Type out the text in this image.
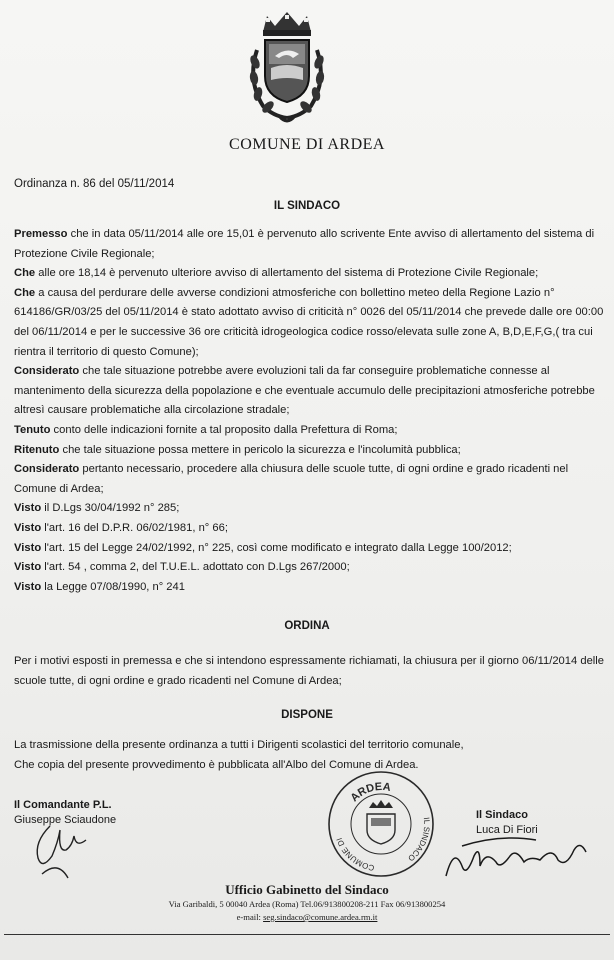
COMUNE DI ARDEA
Ordinanza n. 86 del 05/11/2014
IL SINDACO

Premesso che in data 05/11/2014 alle ore 15,01 è pervenuto allo scrivente Ente avviso di allertamento del sistema di Protezione Civile Regionale;

Che alle ore 18,14 è pervenuto ulteriore avviso di allertamento del sistema di Protezione Civile Regionale;

Che a causa del perdurare delle avverse condizioni atmosferiche con bollettino meteo della Regione Lazio n° 614186/GR/03/25 del 05/11/2014 è stato adottato avviso di criticità n° 0026 del 05/11/2014 che prevede dalle ore 00:00 del 06/11/2014 e per le successive 36 ore criticità idrogeologica codice rosso/elevata sulle zone A, B,D,E,F,G,( tra cui rientra il territorio di questo Comune);

Considerato che tale situazione potrebbe avere evoluzioni tali da far conseguire problematiche connesse al mantenimento della sicurezza della popolazione e che eventuale accumulo delle precipitazioni atmosferiche potrebbe altresì causare problematiche alla circolazione stradale;

Tenuto conto delle indicazioni fornite a tal proposito dalla Prefettura di Roma;

Ritenuto che tale situazione possa mettere in pericolo la sicurezza e l'incolumità pubblica;

Considerato pertanto necessario, procedere alla chiusura delle scuole tutte, di ogni ordine e grado ricadenti nel Comune di Ardea;

Visto il D.Lgs 30/04/1992 n° 285;

Visto l'art. 16 del D.P.R. 06/02/1981, n° 66;

Visto l'art. 15 del Legge 24/02/1992, n° 225, così come modificato e integrato dalla Legge 100/2012;

Visto l'art. 54 , comma 2, del T.U.E.L. adottato con D.Lgs 267/2000;

Visto la Legge 07/08/1990, n° 241

ORDINA
Per i motivi esposti in premessa e che si intendono espressamente richiamati, la chiusura per il giorno 06/11/2014 delle scuole tutte, di ogni ordine e grado ricadenti nel Comune di Ardea;
DISPONE

La trasmissione della presente ordinanza a tutti i Dirigenti scolastici del territorio comunale,

Che copia del presente provvedimento è pubblicata all'Albo del Comune di Ardea.

Il Comandante P.L.
Giuseppe Sciaudone
ARDEA
COMUNE DI
IL SINDACO
Il Sindaco
Luca Di Fiori
Ufficio Gabinetto del Sindaco
Via Garibaldi, 5 00040 Ardea (Roma) Tel.06/913800208-211 Fax 06/913800254
e-mail: seg.sindaco@comune.ardea.rm.it
